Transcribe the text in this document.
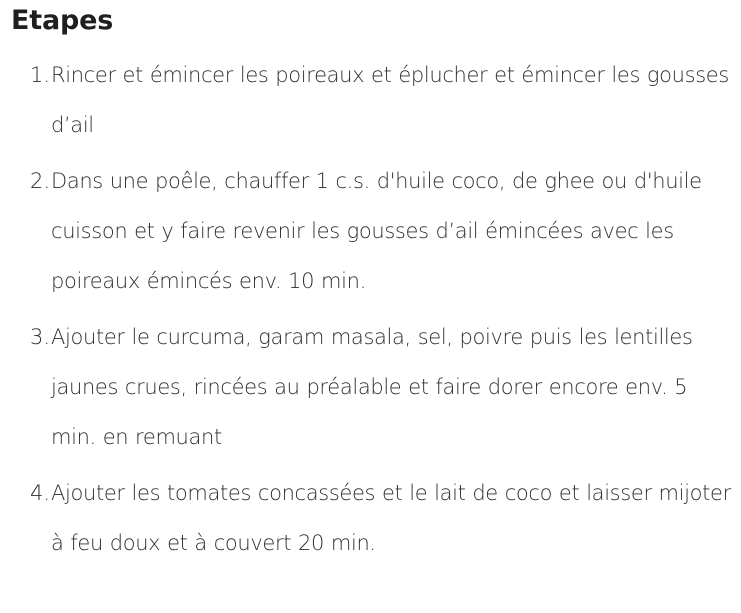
Etapes
1. Rincer et émincer les poireaux et éplucher et émincer les gousses d’ail
2. Dans une poêle, chauffer 1 c.s. d'huile coco, de ghee ou d'huile cuisson et y faire revenir les gousses d’ail émincées avec les poireaux émincés env. 10 min.
3. Ajouter le curcuma, garam masala, sel, poivre puis les lentilles jaunes crues, rincées au préalable et faire dorer encore env. 5 min. en remuant
4. Ajouter les tomates concassées et le lait de coco et laisser mijoter à feu doux et à couvert 20 min.
